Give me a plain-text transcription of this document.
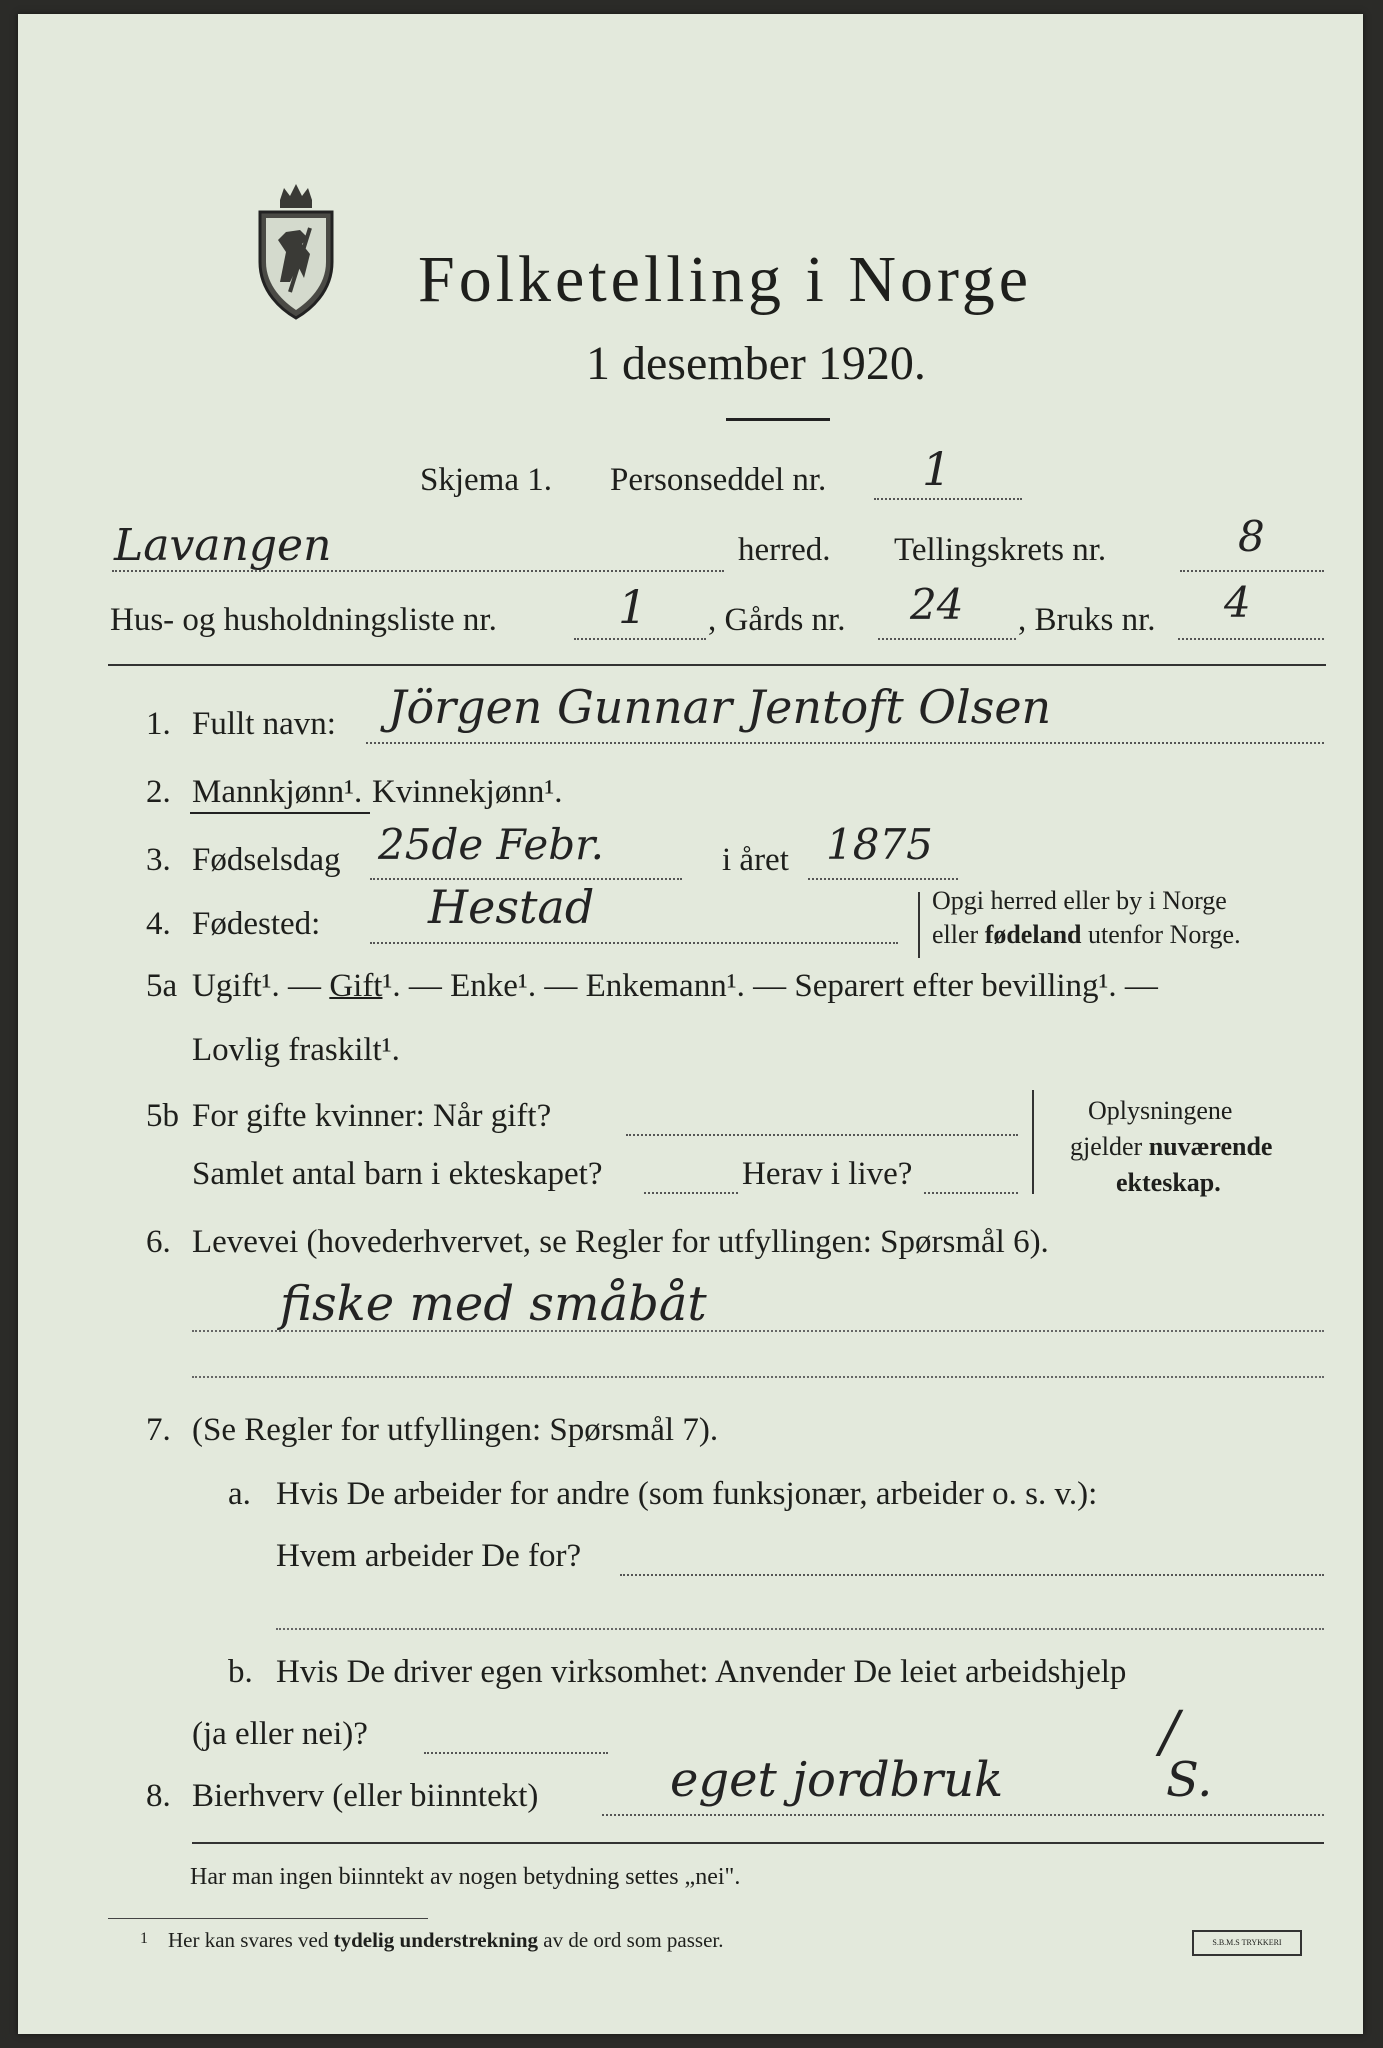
Folketelling i Norge
1 desember 1920.
Skjema 1. Personseddel nr. 1
Lavangen	herred. Tellingskrets nr.	8
Hus- og husholdningsliste nr.	1 , Gårds nr. 24 , Bruks nr. 4
1. Fullt navn: Jörgen Gunnar Jentoft Olsen
2. Mannkjønn¹. Kvinnekjønn¹.
3. Fødselsdag 25de Febr.	i året 1875
4. Fødested: Hestad	Opgi herred eller by i Norge
eller fødeland utenfor Norge.
5a Ugift¹. — Gift¹. — Enke¹. — Enkemann¹. — Separert efter bevilling¹. —
Lovlig fraskilt¹.
5b For gifte kvinner: Når gift?
Samlet antal barn i ekteskapet?	Herav i live?
Oplysningene
gjelder nuværende
ekteskap.
6. Levevei (hovederhvervet, se Regler for utfyllingen: Spørsmål 6).
fiske med småbåt
7. (Se Regler for utfyllingen: Spørsmål 7).
a. Hvis De arbeider for andre (som funksjonær, arbeider o. s. v.):
Hvem arbeider De for?
b. Hvis De driver egen virksomhet: Anvender De leiet arbeidshjelp
(ja eller nei)?
8. Bierhverv (eller biinntekt)	eget jordbruk
/
S.
Har man ingen biinntekt av nogen betydning settes „nei".
1 Her kan svares ved tydelig understrekning av de ord som passer.	S.B.M.S TRYKKERI
